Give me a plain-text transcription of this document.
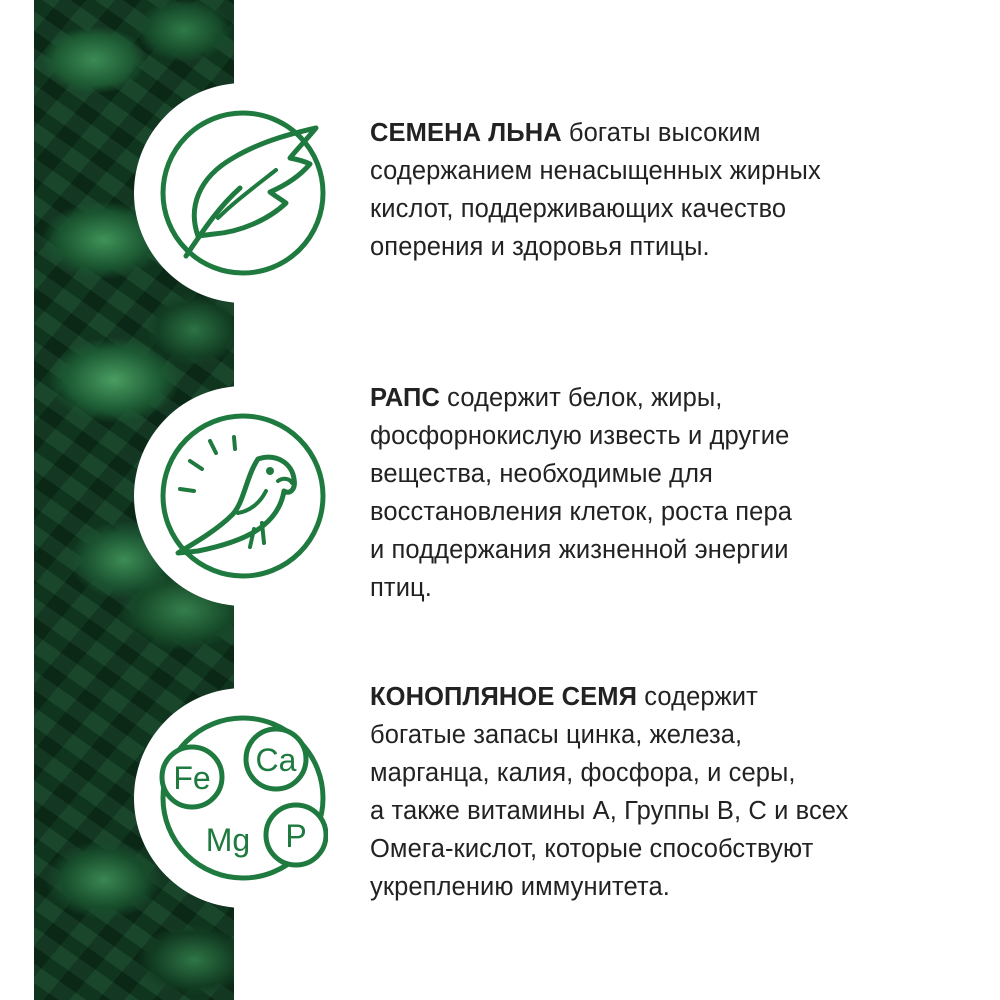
СЕМЕНА ЛЬНА богаты высоким
содержанием ненасыщенных жирных
кислот, поддерживающих качество
оперения и здоровья птицы.
РАПС содержит белок, жиры,
фосфорнокислую известь и другие
вещества, необходимые для
восстановления клеток, роста пера
и поддержания жизненной энергии
птиц.
Fe Ca
Mg P
КОНОПЛЯНОЕ СЕМЯ содержит
богатые запасы цинка, железа,
марганца, калия, фосфора, и серы,
а также витамины А, Группы В, С и всех
Омега-кислот, которые способствуют
укреплению иммунитета.
